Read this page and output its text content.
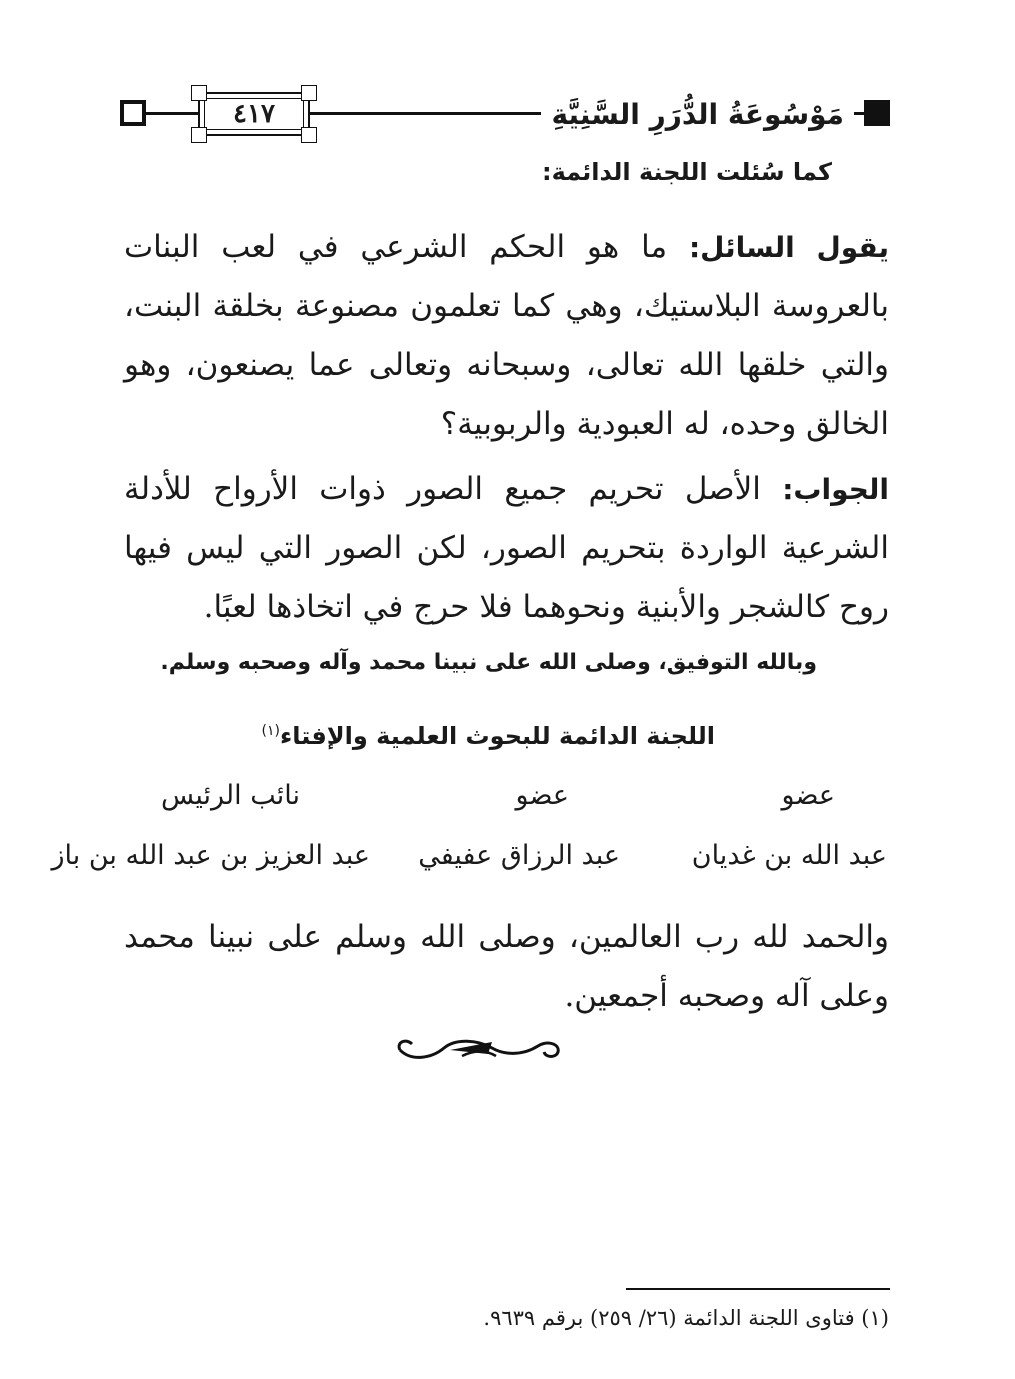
٤١٧	مَوْسُوعَةُ الدُّرَرِ السَّنِيَّةِ
كما سُئلت اللجنة الدائمة:
يقول السائل: ما هو الحكم الشرعي في لعب البنات بالعروسة البلاستيك، وهي كما تعلمون مصنوعة بخلقة البنت، والتي خلقها الله تعالى، وسبحانه وتعالى عما يصنعون، وهو الخالق وحده، له العبودية والربوبية؟
الجواب: الأصل تحريم جميع الصور ذوات الأرواح للأدلة الشرعية الواردة بتحريم الصور، لكن الصور التي ليس فيها روح كالشجر والأبنية ونحوهما فلا حرج في اتخاذها لعبًا.
وبالله التوفيق، وصلى الله على نبينا محمد وآله وصحبه وسلم.
اللجنة الدائمة للبحوث العلمية والإفتاء$^{(١)}$
عضو
عضو
نائب الرئيس
عبد الله بن غديان
عبد الرزاق عفيفي
عبد العزيز بن عبد الله بن باز
والحمد لله رب العالمين، وصلى الله وسلم على نبينا محمد وعلى آله وصحبه أجمعين.
(١) فتاوى اللجنة الدائمة (٢٦/ ٢٥٩) برقم ٩٦٣٩.
